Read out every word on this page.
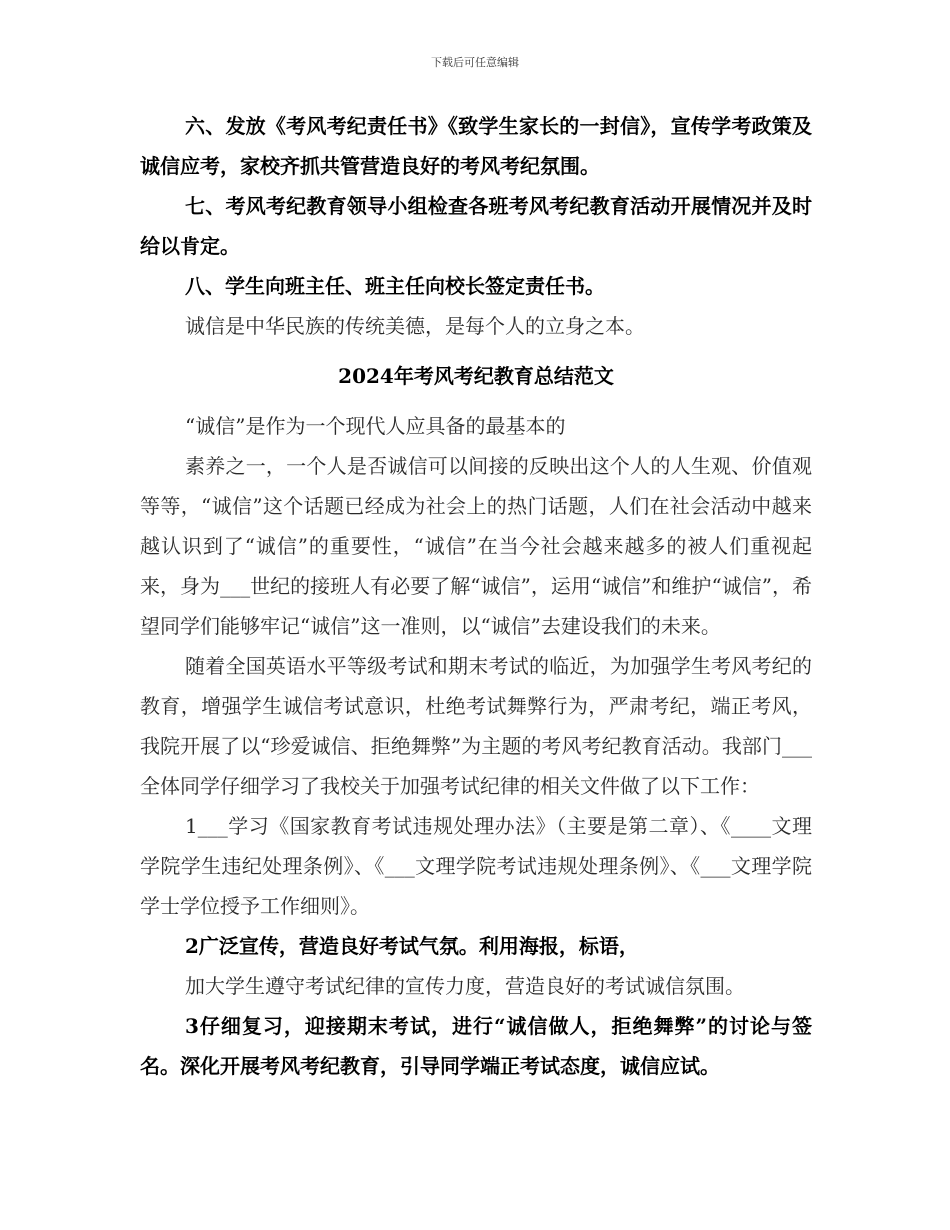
下载后可任意编辑

六、发放《考风考纪责任书》《致学生家长的一封信》，宣传学考政策及诚信应考，家校齐抓共管营造良好的考风考纪氛围。

七、考风考纪教育领导小组检查各班考风考纪教育活动开展情况并及时给以肯定。

八、学生向班主任、班主任向校长签定责任书。

诚信是中华民族的传统美德，是每个人的立身之本。

2024年考风考纪教育总结范文

“诚信”是作为一个现代人应具备的最基本的

素养之一，一个人是否诚信可以间接的反映出这个人的人生观、价值观等等，“诚信”这个话题已经成为社会上的热门话题，人们在社会活动中越来越认识到了“诚信”的重要性，“诚信”在当今社会越来越多的被人们重视起来，身为___世纪的接班人有必要了解“诚信”，运用“诚信”和维护“诚信”，希望同学们能够牢记“诚信”这一准则，以“诚信”去建设我们的未来。

随着全国英语水平等级考试和期末考试的临近，为加强学生考风考纪的教育，增强学生诚信考试意识，杜绝考试舞弊行为，严肃考纪，端正考风，我院开展了以“珍爱诚信、拒绝舞弊”为主题的考风考纪教育活动。我部门___全体同学仔细学习了我校关于加强考试纪律的相关文件做了以下工作：

1___学习《国家教育考试违规处理办法》（主要是第二章）、《____文理学院学生违纪处理条例》、《___文理学院考试违规处理条例》、《___文理学院学士学位授予工作细则》。

2广泛宣传，营造良好考试气氛。利用海报，标语，

加大学生遵守考试纪律的宣传力度，营造良好的考试诚信氛围。

3仔细复习，迎接期末考试，进行“诚信做人，拒绝舞弊”的讨论与签名。深化开展考风考纪教育，引导同学端正考试态度，诚信应试。
